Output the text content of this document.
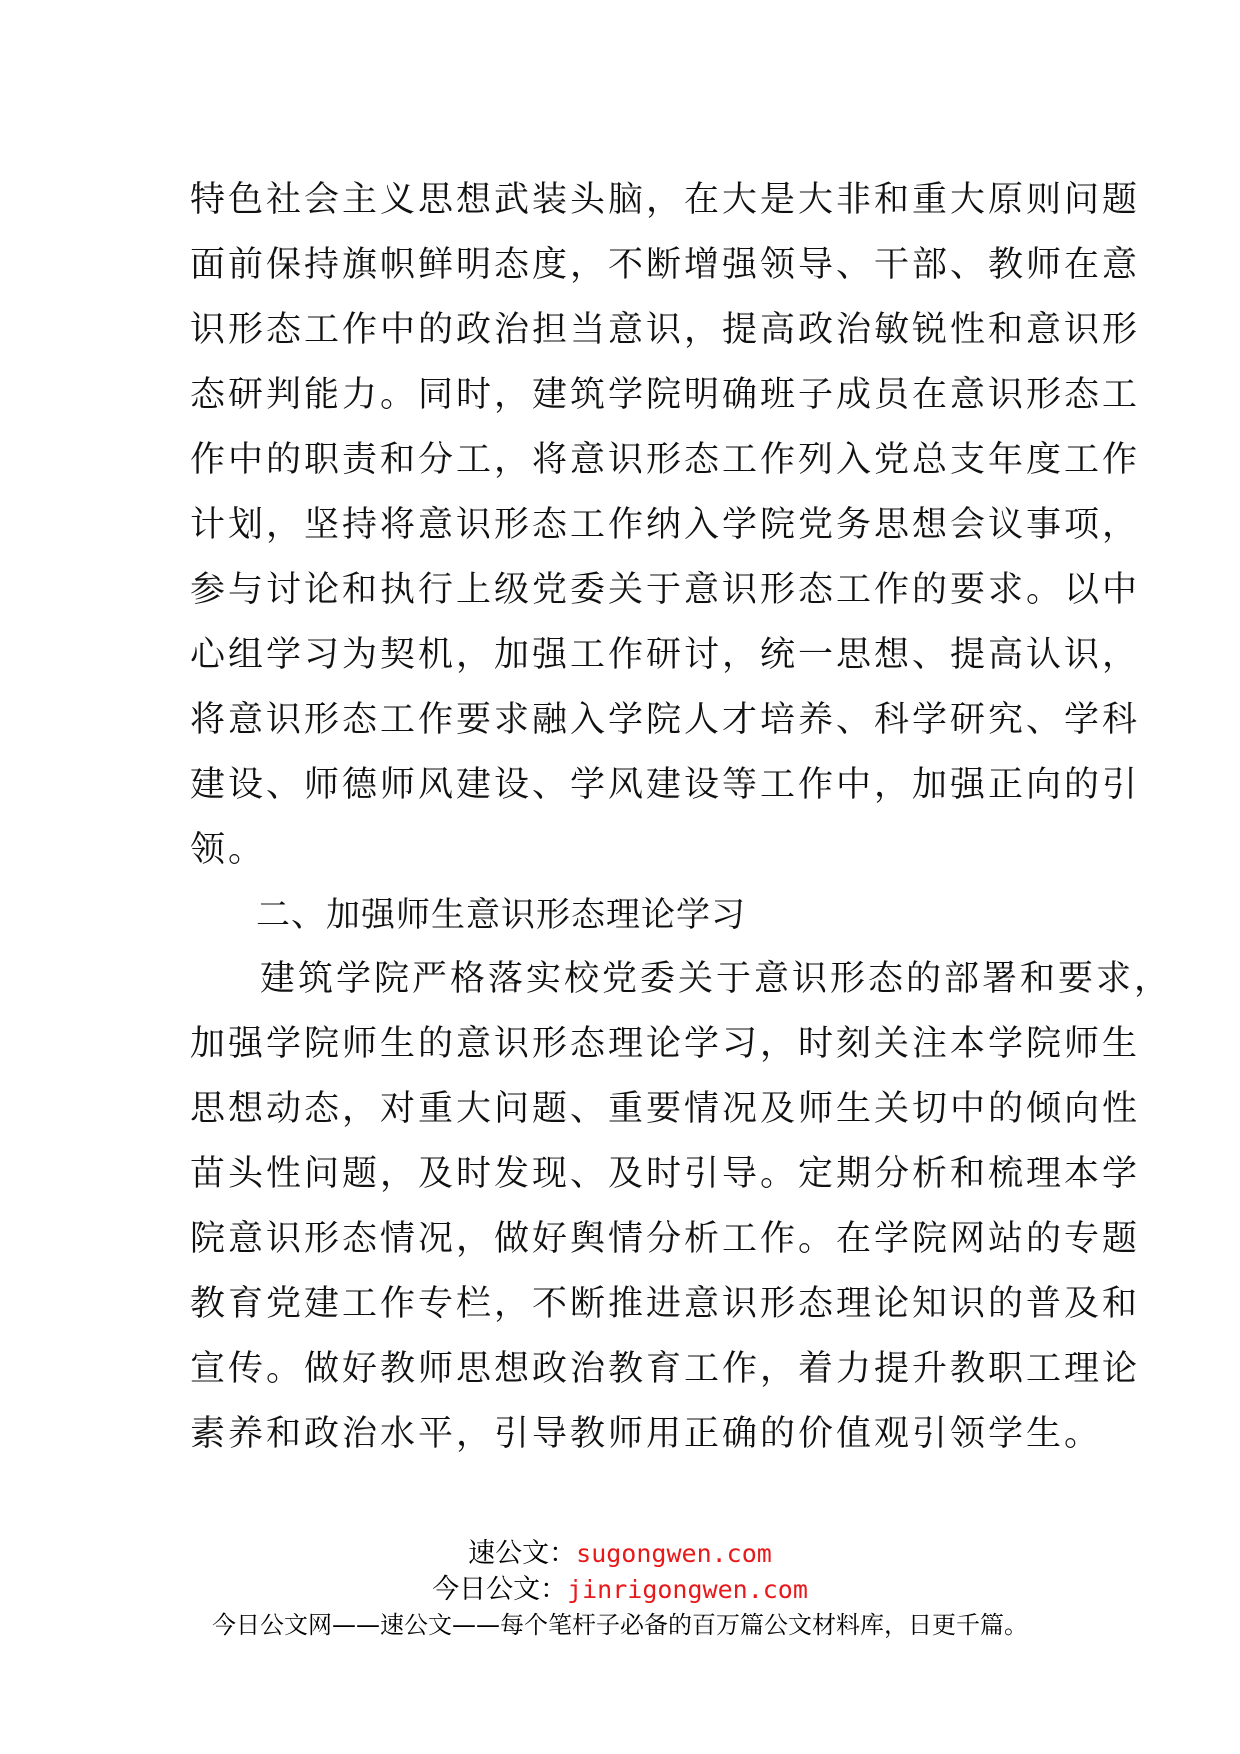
特色社会主义思想武装头脑，在大是大非和重大原则问题
面前保持旗帜鲜明态度，不断增强领导、干部、教师在意
识形态工作中的政治担当意识，提高政治敏锐性和意识形
态研判能力。同时，建筑学院明确班子成员在意识形态工
作中的职责和分工，将意识形态工作列入党总支年度工作
计划，坚持将意识形态工作纳入学院党务思想会议事项，
参与讨论和执行上级党委关于意识形态工作的要求。以中
心组学习为契机，加强工作研讨，统一思想、提高认识，
将意识形态工作要求融入学院人才培养、科学研究、学科
建设、师德师风建设、学风建设等工作中，加强正向的引
领。
二、加强师生意识形态理论学习
建筑学院严格落实校党委关于意识形态的部署和要求，
加强学院师生的意识形态理论学习，时刻关注本学院师生
思想动态，对重大问题、重要情况及师生关切中的倾向性
苗头性问题，及时发现、及时引导。定期分析和梳理本学
院意识形态情况，做好舆情分析工作。在学院网站的专题
教育党建工作专栏，不断推进意识形态理论知识的普及和
宣传。做好教师思想政治教育工作，着力提升教职工理论
素养和政治水平，引导教师用正确的价值观引领学生。
速公文：sugongwen.com
今日公文：jinrigongwen.com
今日公文网——速公文——每个笔杆子必备的百万篇公文材料库，日更千篇。
